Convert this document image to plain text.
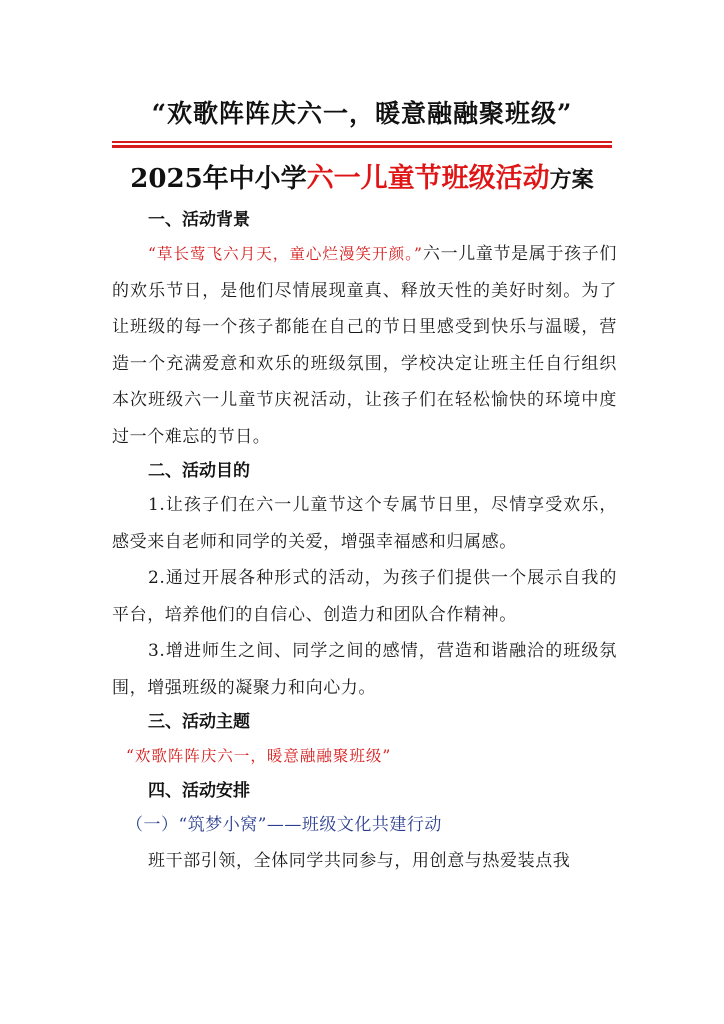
“欢歌阵阵庆六一，暖意融融聚班级”
2025年中小学六一儿童节班级活动方案

一、活动背景

“草长莺飞六月天，童心烂漫笑开颜。”六一儿童节是属于孩子们的欢乐节日，是他们尽情展现童真、释放天性的美好时刻。为了让班级的每一个孩子都能在自己的节日里感受到快乐与温暖，营造一个充满爱意和欢乐的班级氛围，学校决定让班主任自行组织本次班级六一儿童节庆祝活动，让孩子们在轻松愉快的环境中度过一个难忘的节日。

二、活动目的

1.让孩子们在六一儿童节这个专属节日里，尽情享受欢乐，感受来自老师和同学的关爱，增强幸福感和归属感。

2.通过开展各种形式的活动，为孩子们提供一个展示自我的平台，培养他们的自信心、创造力和团队合作精神。

3.增进师生之间、同学之间的感情，营造和谐融洽的班级氛围，增强班级的凝聚力和向心力。

三、活动主题

“欢歌阵阵庆六一，暖意融融聚班级”

四、活动安排

（一）“筑梦小窝”——班级文化共建行动

班干部引领，全体同学共同参与，用创意与热爱装点我
